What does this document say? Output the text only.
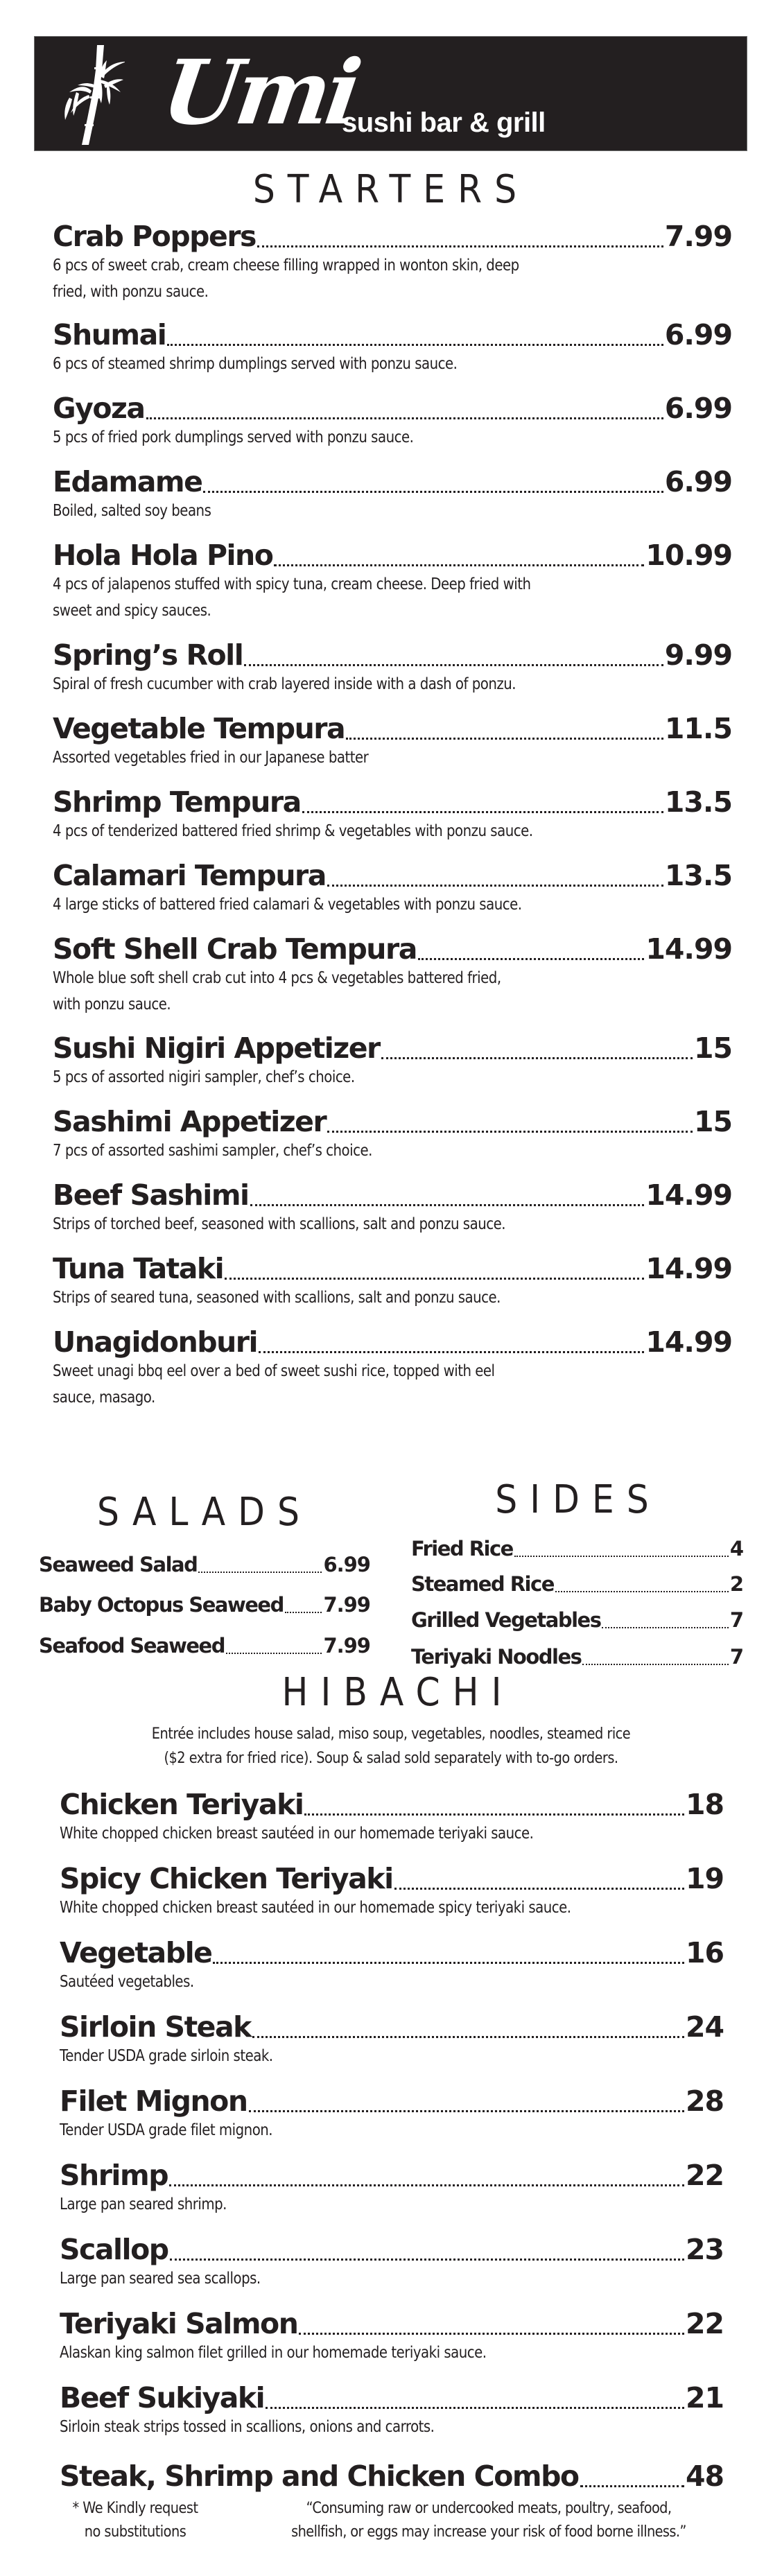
Umi
sushi bar & grill
STARTERS
Crab Poppers	7.99
6 pcs of sweet crab, cream cheese filling wrapped in wonton skin, deep
fried, with ponzu sauce.
Shumai	6.99
6 pcs of steamed shrimp dumplings served with ponzu sauce.
Gyoza	6.99
5 pcs of fried pork dumplings served with ponzu sauce.
Edamame	6.99
Boiled, salted soy beans
Hola Hola Pino	10.99
4 pcs of jalapenos stuffed with spicy tuna, cream cheese. Deep fried with
sweet and spicy sauces.
Spring’s Roll	9.99
Spiral of fresh cucumber with crab layered inside with a dash of ponzu.
Vegetable Tempura	11.5
Assorted vegetables fried in our Japanese batter
Shrimp Tempura	13.5
4 pcs of tenderized battered fried shrimp & vegetables with ponzu sauce.
Calamari Tempura	13.5
4 large sticks of battered fried calamari & vegetables with ponzu sauce.
Soft Shell Crab Tempura	14.99
Whole blue soft shell crab cut into 4 pcs & vegetables battered fried,
with ponzu sauce.
Sushi Nigiri Appetizer	15
5 pcs of assorted nigiri sampler, chef’s choice.
Sashimi Appetizer	15
7 pcs of assorted sashimi sampler, chef’s choice.
Beef Sashimi	14.99
Strips of torched beef, seasoned with scallions, salt and ponzu sauce.
Tuna Tataki	14.99
Strips of seared tuna, seasoned with scallions, salt and ponzu sauce.
Unagidonburi	14.99
Sweet unagi bbq eel over a bed of sweet sushi rice, topped with eel
sauce, masago.
SALADS	SIDES
Seaweed Salad	6.99
Baby Octopus Seaweed 7.99
Seafood Seaweed	7.99
Fried Rice	4
Steamed Rice	2
Grilled Vegetables	7
Teriyaki Noodles	7
HIBACHI
Entrée includes house salad, miso soup, vegetables, noodles, steamed rice
($2 extra for fried rice). Soup & salad sold separately with to-go orders.
Chicken Teriyaki	18
White chopped chicken breast sautéed in our homemade teriyaki sauce.
Spicy Chicken Teriyaki	19
White chopped chicken breast sautéed in our homemade spicy teriyaki sauce.
Vegetable	16
Sautéed vegetables.
Sirloin Steak	24
Tender USDA grade sirloin steak.
Filet Mignon	28
Tender USDA grade filet mignon.
Shrimp	22
Large pan seared shrimp.
Scallop	23
Large pan seared sea scallops.
Teriyaki Salmon	22
Alaskan king salmon filet grilled in our homemade teriyaki sauce.
Beef Sukiyaki	21
Sirloin steak strips tossed in scallions, onions and carrots.
Steak, Shrimp and Chicken Combo	48
* We Kindly request
no substitutions
“Consuming raw or undercooked meats, poultry, seafood,
shellfish, or eggs may increase your risk of food borne illness.”
